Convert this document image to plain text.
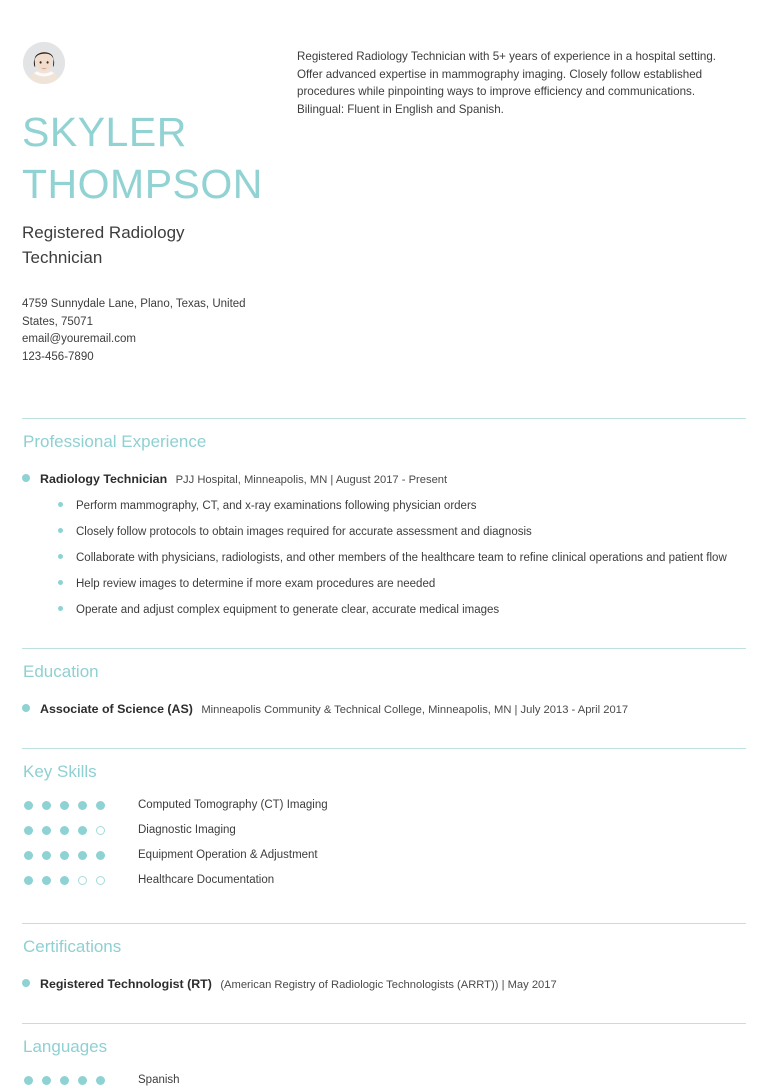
SKYLER
THOMPSON
Registered Radiology Technician
4759 Sunnydale Lane, Plano, Texas, United
States, 75071
email@youremail.com
123-456-7890
Registered Radiology Technician with 5+ years of experience in a hospital setting. Offer advanced expertise in mammography imaging. Closely follow established procedures while pinpointing ways to improve efficiency and communications. Bilingual: Fluent in English and Spanish.
Professional Experience
Radiology Technician PJJ Hospital, Minneapolis, MN | August 2017 - Present
Perform mammography, CT, and x-ray examinations following physician orders
Closely follow protocols to obtain images required for accurate assessment and diagnosis
Collaborate with physicians, radiologists, and other members of the healthcare team to refine clinical operations and patient flow
Help review images to determine if more exam procedures are needed
Operate and adjust complex equipment to generate clear, accurate medical images
Education
Associate of Science (AS) Minneapolis Community & Technical College, Minneapolis, MN | July 2013 - April 2017
Key Skills
Computed Tomography (CT) Imaging
Diagnostic Imaging
Equipment Operation & Adjustment
Healthcare Documentation
Certifications
Registered Technologist (RT) (American Registry of Radiologic Technologists (ARRT)) | May 2017
Languages
Spanish
